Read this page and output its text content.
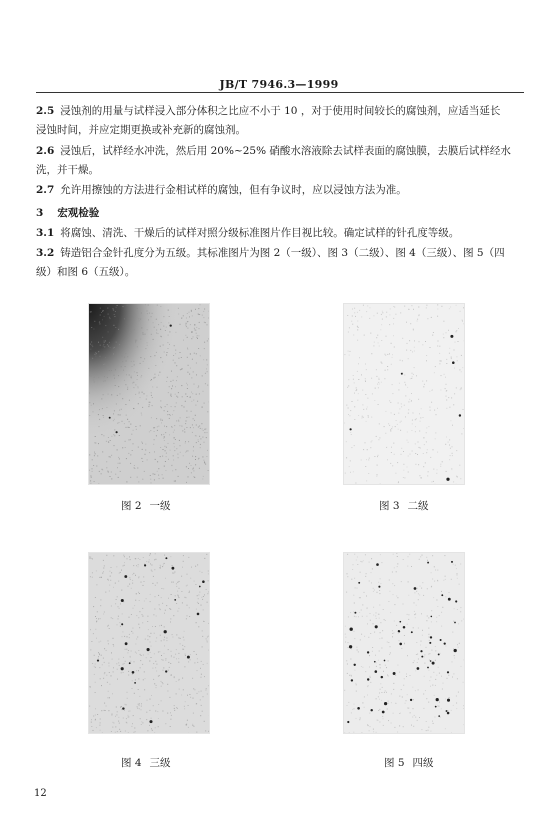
JB/T 7946.3—1999
2.5 浸蚀剂的用量与试样浸入部分体积之比应不小于 10 ，对于使用时间较长的腐蚀剂，应适当延长
浸蚀时间，并应定期更换或补充新的腐蚀剂。
2.6 浸蚀后，试样经水冲洗，然后用 20%~25% 硝酸水溶液除去试样表面的腐蚀膜，去膜后试样经水
洗，并干燥。
2.7 允许用擦蚀的方法进行金相试样的腐蚀，但有争议时，应以浸蚀方法为准。
3 宏观检验
3.1 将腐蚀、清洗、干燥后的试样对照分级标准图片作目视比较。确定试样的针孔度等级。
3.2 铸造铝合金针孔度分为五级。其标准图片为图 2（一级）、图 3（二级）、图 4（三级）、图 5（四
级）和图 6（五级）。
图 2 一级	图 3 二级
图 4 三级	图 5 四级
12
